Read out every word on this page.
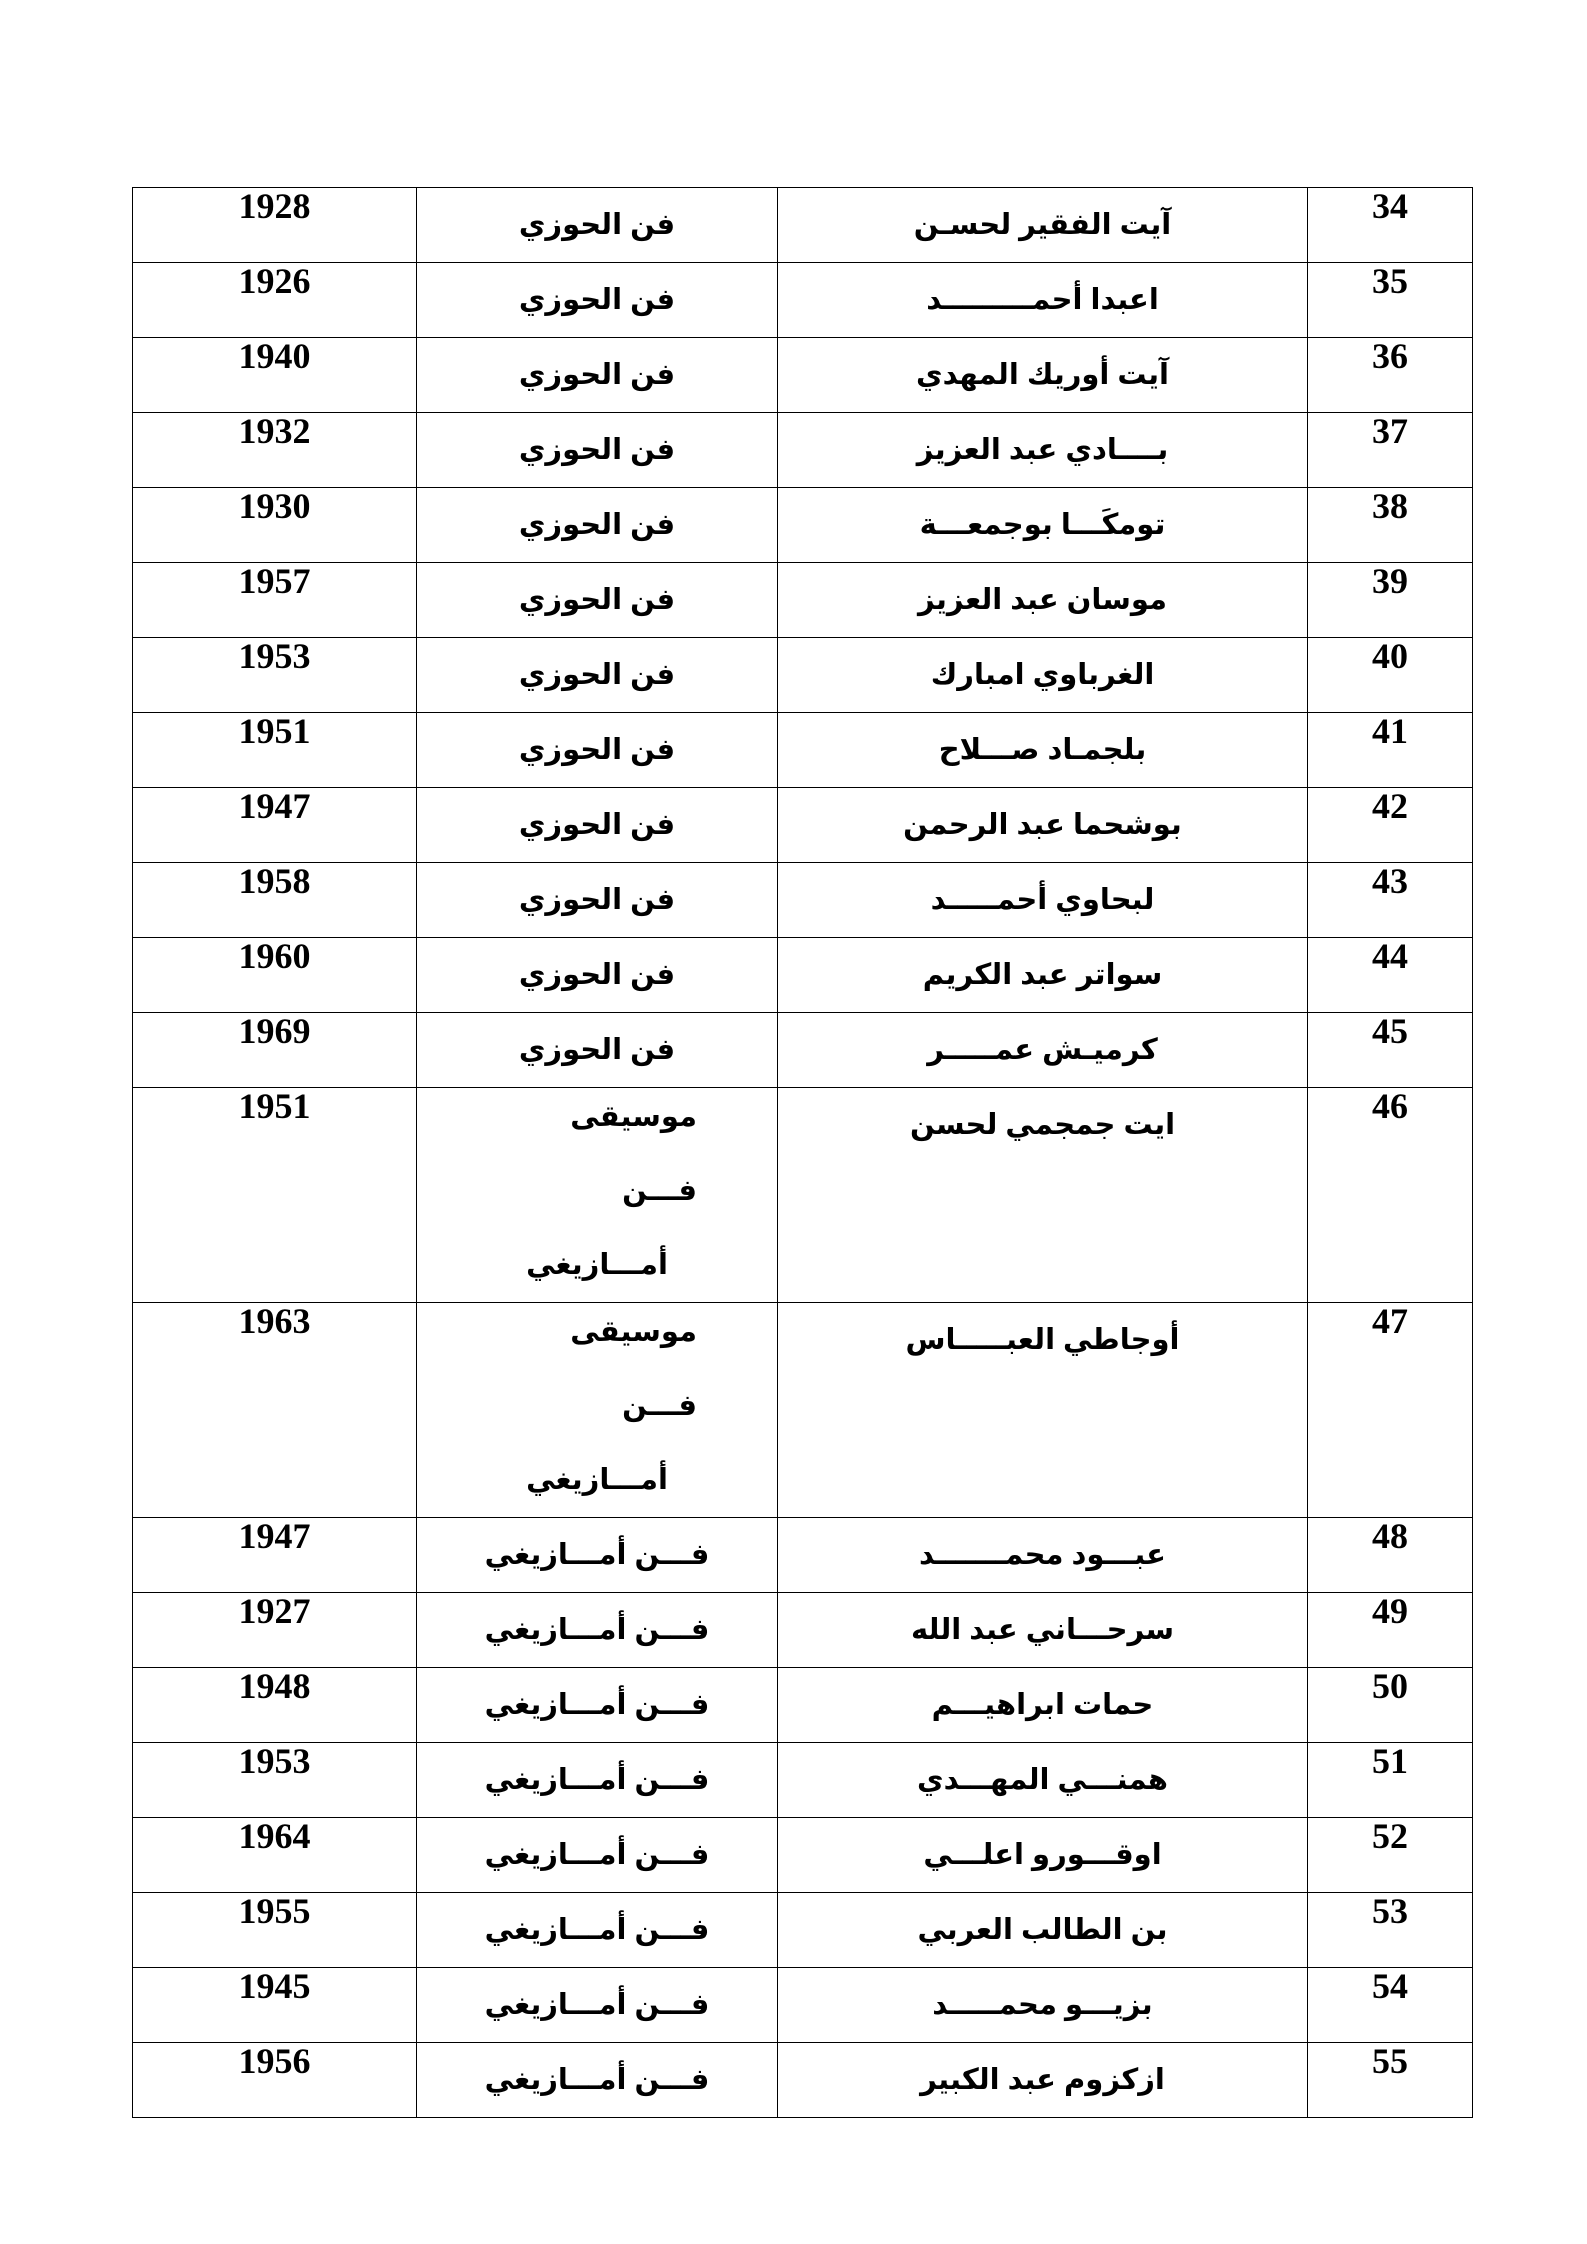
1928	فن الحوزي	آيت الفقير لحسـن	34
1926	فن الحوزي	اعبدا أحمـــــــــد	35
1940	فن الحوزي	آيت أوريك المهدي	36
1932	فن الحوزي	بــــادي عبد العزيز	37
1930	فن الحوزي	تومكَـــا بوجمعـــة	38
1957	فن الحوزي	موسان عبد العزيز	39
1953	فن الحوزي	الغرباوي امبارك	40
1951	فن الحوزي	بلجمـاد صـــلاح	41
1947	فن الحوزي	بوشحما عبد الرحمن	42
1958	فن الحوزي	لبحاوي أحمـــــد	43
1960	فن الحوزي	سواتر عبد الكريم	44
1969	فن الحوزي	كرميـش عمـــــر	45
1951	موسيقى فـــن أمـــازيغي	ايت جمجمي لحسن	46
1963	موسيقى فـــن أمـــازيغي	أوجاطي العبـــــاس	47
1947	فـــن أمـــازيغي	عبـــود محمـــــــد	48
1927	فـــن أمـــازيغي	سرحـــاني عبد الله	49
1948	فـــن أمـــازيغي	حمات ابراهيـــم	50
1953	فـــن أمـــازيغي	همنـــي المهـــدي	51
1964	فـــن أمـــازيغي	اوقـــورو اعلـــي	52
1955	فـــن أمـــازيغي	بن الطالب العربي	53
1945	فـــن أمـــازيغي	بزيـــو محمـــــد	54
1956	فـــن أمـــازيغي	ازكزوم عبد الكبير	55
